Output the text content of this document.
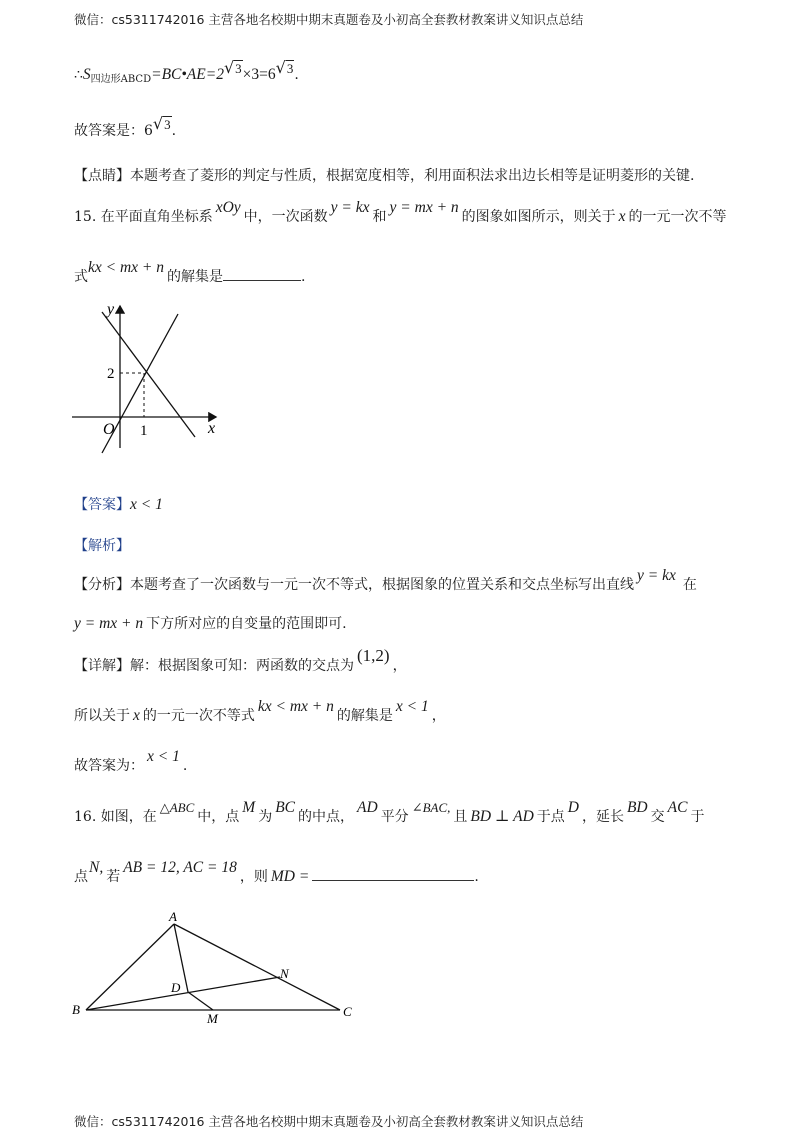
微信：cs5311742016 主营各地名校期中期末真题卷及小初高全套教材教案讲义知识点总结
$\therefore S_{四边形ABCD}=BC•AE=2√3\times 3=6√3$.
故答案是：6√3.
【点睛】本题考查了菱形的判定与性质，根据宽度相等，利用面积法求出边长相等是证明菱形的关键.
15. 在平面直角坐标系xOy中，一次函数y = kx和y = mx + n的图象如图所示，则关于 x 的一元一次不等
式kx < mx + n的解集是	.
y
x
O
2
1
【答案】x < 1
【解析】
【分析】本题考查了一次函数与一元一次不等式，根据图象的位置关系和交点坐标写出直线y = kx在
y = mx + n 下方所对应的自变量的范围即可.
【详解】解：根据图象可知：两函数的交点为(1,2)，
所以关于 x 的一元一次不等式kx < mx + n的解集是x < 1，
故答案为：x < 1.
16. 如图，在△ABC中，点M为BC的中点，AD平分∠BAC,且 BD ⊥ AD 于点D，延长BD交AC于
点N,若AB = 12, AC = 18，则 MD =	.
A
B	C
D
M
N
微信：cs5311742016 主营各地名校期中期末真题卷及小初高全套教材教案讲义知识点总结
